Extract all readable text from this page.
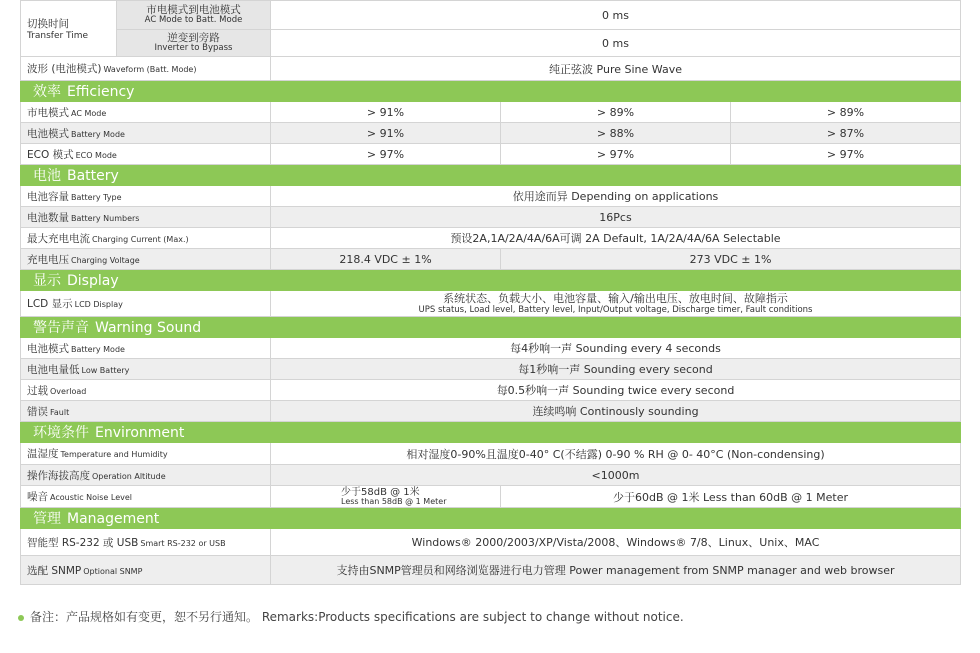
切换时间
Transfer Time	市电模式到电池模式
AC Mode to Batt. Mode	0 ms		

	逆变到旁路
Inverter to Bypass	0 ms		
波形 (电池模式) Waveform (Batt. Mode)		纯正弦波 Pure Sine Wave		
效率 Efficiency				
市电模式 AC Mode		> 91%	> 89%	> 89%
电池模式 Battery Mode		> 91%	> 88%	> 87%
ECO 模式 ECO Mode		> 97%	> 97%	> 97%
电池 Battery				
电池容量 Battery Type		依用途而异 Depending on applications		
电池数量 Battery Numbers		16Pcs		
最大充电电流 Charging Current (Max.)		预设2A,1A/2A/4A/6A可调 2A Default, 1A/2A/4A/6A Selectable		
充电电压 Charging Voltage		218.4 VDC ± 1%	273 VDC ± 1%	
显示 Display				
LCD 显示 LCD Display		系统状态、负载大小、电池容量、输入/输出电压、放电时间、故障指示
UPS status, Load level, Battery level, Input/Output voltage, Discharge timer, Fault conditions		

警告声音 Warning Sound				
电池模式 Battery Mode		每4秒响一声 Sounding every 4 seconds		
电池电量低 Low Battery		每1秒响一声 Sounding every second		
过载 Overload		每0.5秒响一声 Sounding twice every second		
错误 Fault		连续鸣响 Continously sounding		
环境条件 Environment				
温湿度 Temperature and Humidity		相对湿度0-90%且温度0-40° C(不结露) 0-90 % RH @ 0- 40°C (Non-condensing)		
操作海拔高度 Operation Altitude		<1000m		
噪音 Acoustic Noise Level		少于58dB @ 1米
Less than 58dB @ 1 Meter	少于60dB @ 1米 Less than 60dB @ 1 Meter	
管理 Management				
智能型 RS-232 或 USB Smart RS-232 or USB		Windows® 2000/2003/XP/Vista/2008、Windows® 7/8、Linux、Unix、MAC		
选配 SNMP Optional SNMP		支持由SNMP管理员和网络浏览器进行电力管理 Power management from SNMP manager and web browser		
备注：产品规格如有变更，恕不另行通知。 Remarks:Products specifications are subject to change without notice.
